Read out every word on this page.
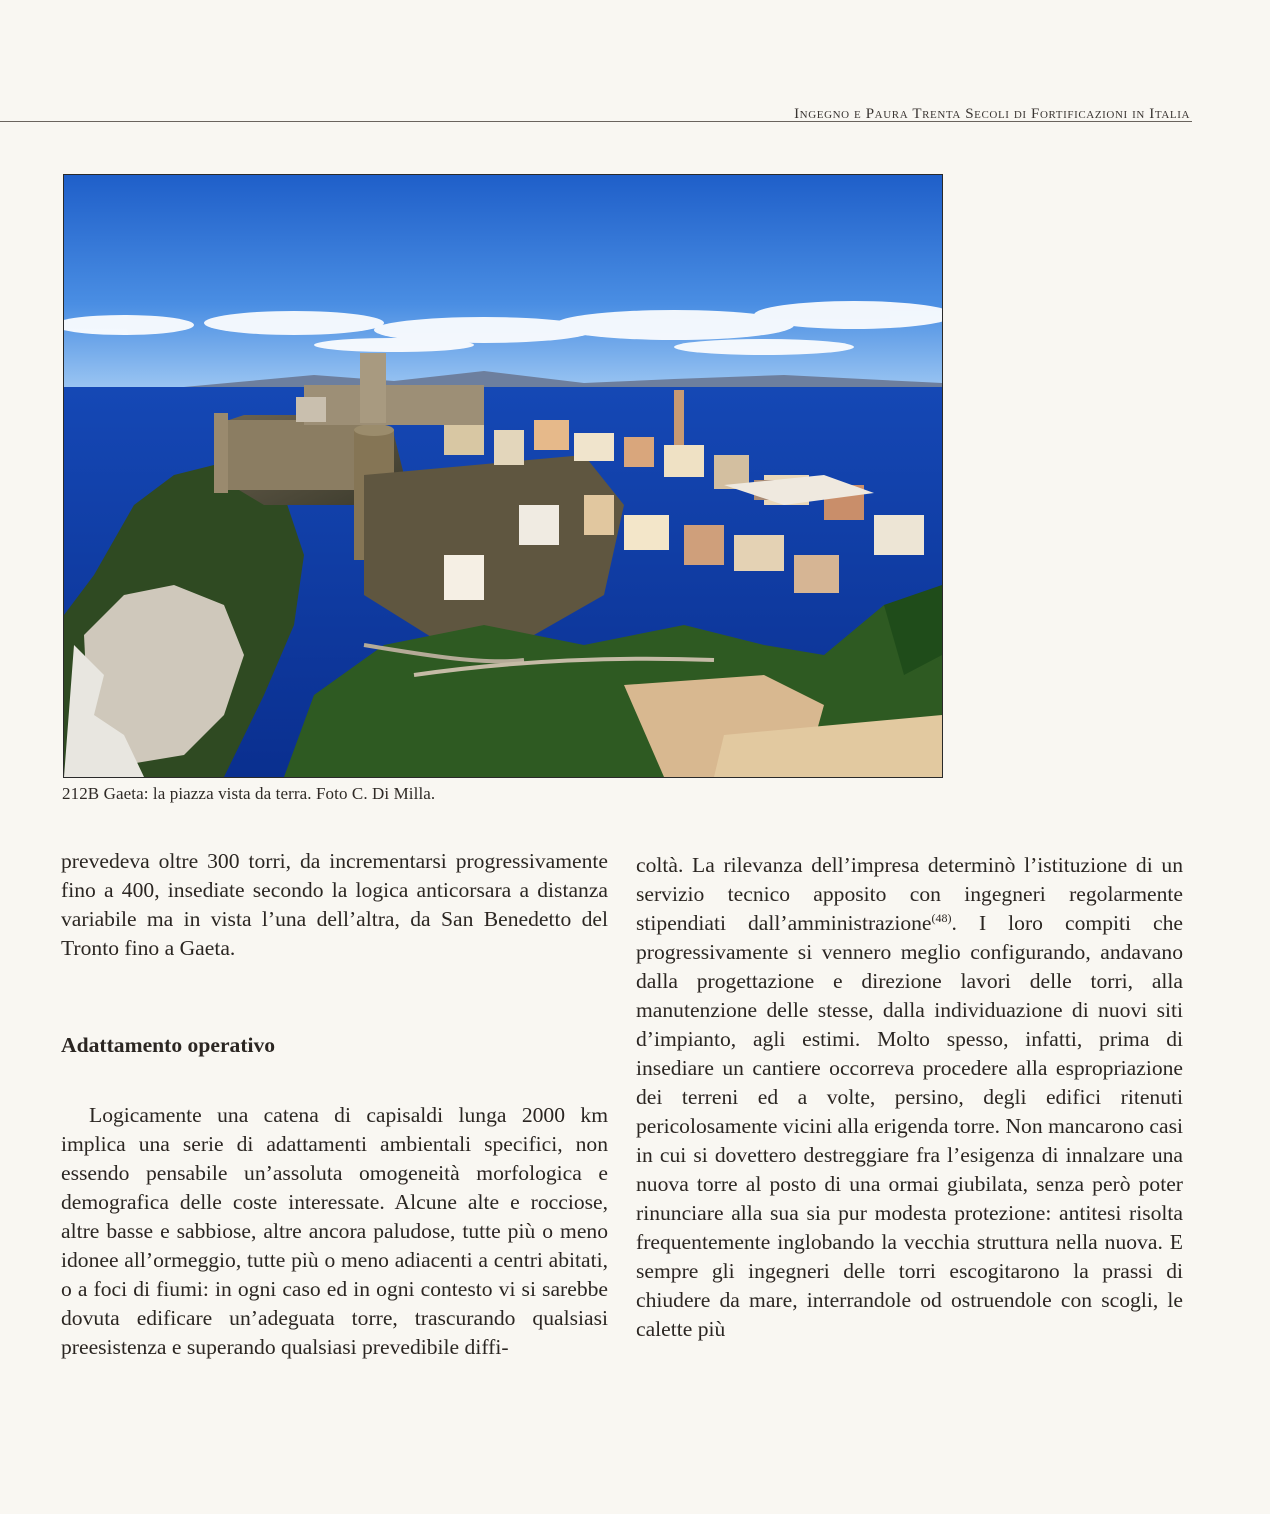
Ingegno e Paura Trenta Secoli di Fortificazioni in Italia
212B Gaeta: la piazza vista da terra. Foto C. Di Milla.

prevedeva oltre 300 torri, da incrementarsi progressivamente fino a 400, insediate secondo la logica anticorsara a distanza variabile ma in vista l’una dell’altra, da San Benedetto del Tronto fino a Gaeta.

Adattamento operativo

Logicamente una catena di capisaldi lunga 2000 km implica una serie di adattamenti ambientali specifici, non essendo pensabile un’assoluta omogeneità morfologica e demografica delle coste interessate. Alcune alte e rocciose, altre basse e sabbiose, altre ancora paludose, tutte più o meno idonee all’ormeggio, tutte più o meno adiacenti a centri abitati, o a foci di fiumi: in ogni caso ed in ogni contesto vi si sarebbe dovuta edificare un’adeguata torre, trascurando qualsiasi preesistenza e superando qualsiasi prevedibile diffi-

coltà. La rilevanza dell’impresa determinò l’istituzione di un servizio tecnico apposito con ingegneri regolarmente stipendiati dall’amministrazione$^{(48)}$. I loro compiti che progressivamente si vennero meglio configurando, andavano dalla progettazione e direzione lavori delle torri, alla manutenzione delle stesse, dalla individuazione di nuovi siti d’impianto, agli estimi. Molto spesso, infatti, prima di insediare un cantiere occorreva procedere alla espropriazione dei terreni ed a volte, persino, degli edifici ritenuti pericolosamente vicini alla erigenda torre. Non mancarono casi in cui si dovettero destreggiare fra l’esigenza di innalzare una nuova torre al posto di una ormai giubilata, senza però poter rinunciare alla sua sia pur modesta protezione: antitesi risolta frequentemente inglobando la vecchia struttura nella nuova. E sempre gli ingegneri delle torri escogitarono la prassi di chiudere da mare, interrandole od ostruendole con scogli, le calette più
